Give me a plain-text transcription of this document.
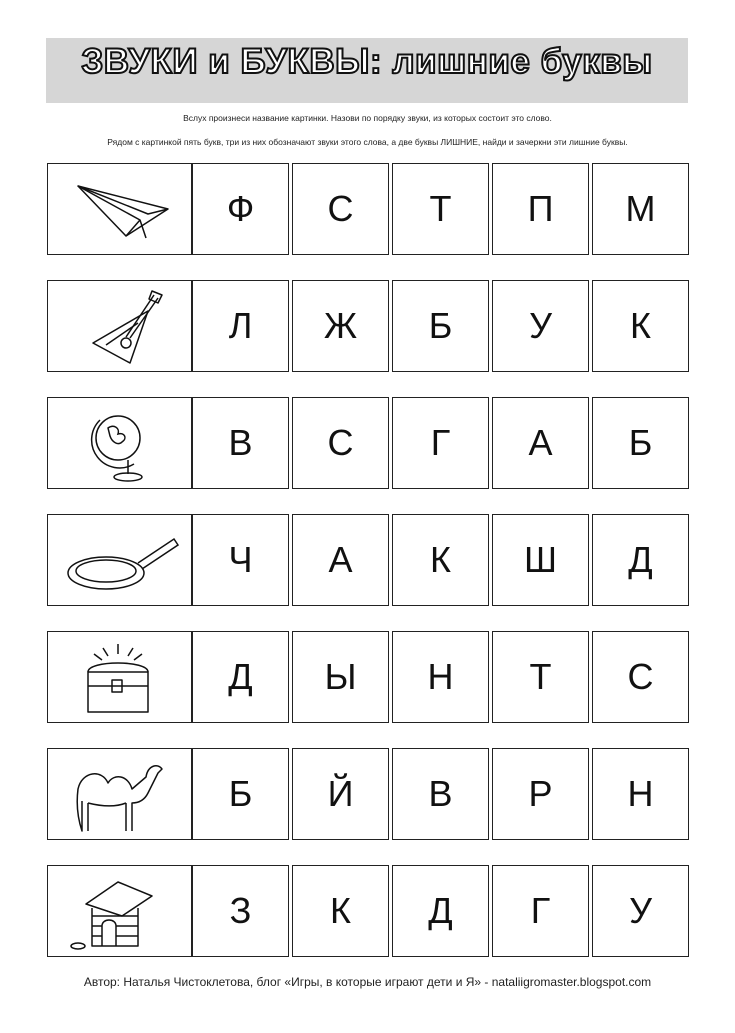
ЗВУКИ и БУКВЫ: лишние буквы
Вслух произнеси название картинки. Назови по порядку звуки, из которых состоит это слово.
Рядом с картинкой пять букв, три из них обозначают звуки этого слова, а две буквы ЛИШНИЕ, найди и зачеркни эти лишние буквы.
Ф	С	Т	П	М
Л	Ж	Б	У	К
В	С	Г	А	Б
Ч	А	К	Ш	Д
Д	Ы	Н	Т	С
Б	Й	В	Р	Н
З	К	Д	Г	У
Автор: Наталья Чистоклетова, блог «Игры, в которые играют дети и Я» - nataliigromaster.blogspot.com
